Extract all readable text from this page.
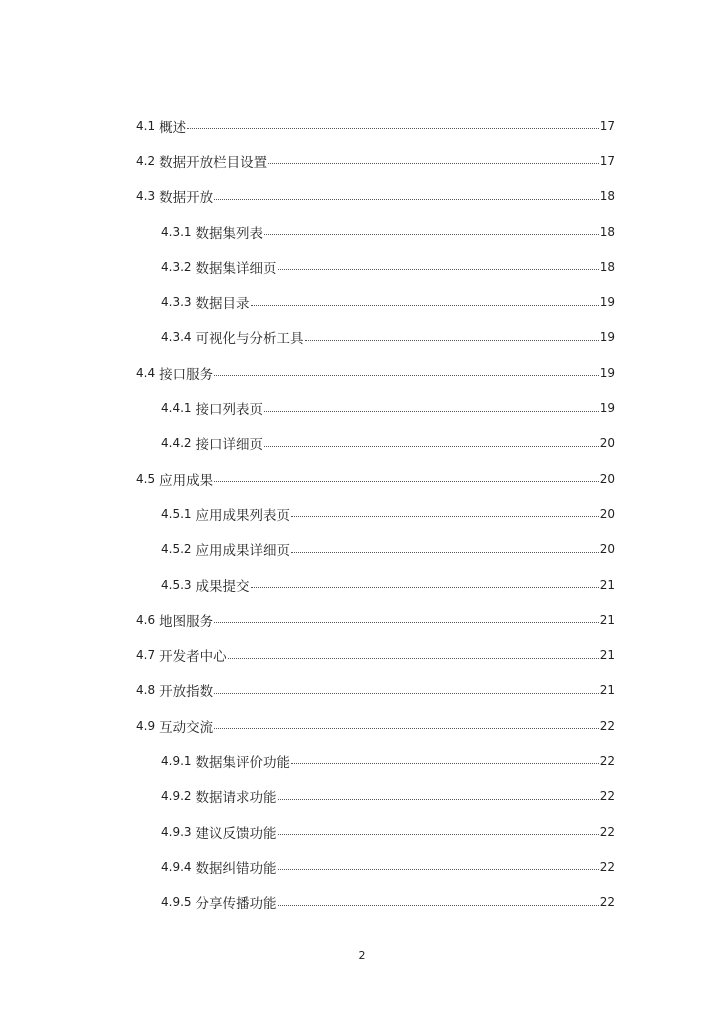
4.1 概述	17
4.2 数据开放栏目设置	17
4.3 数据开放	18
4.3.1 数据集列表	18
4.3.2 数据集详细页	18
4.3.3 数据目录	19
4.3.4 可视化与分析工具	19
4.4 接口服务	19
4.4.1 接口列表页	19
4.4.2 接口详细页	20
4.5 应用成果	20
4.5.1 应用成果列表页	20
4.5.2 应用成果详细页	20
4.5.3 成果提交	21
4.6 地图服务	21
4.7 开发者中心	21
4.8 开放指数	21
4.9 互动交流	22
4.9.1 数据集评价功能	22
4.9.2 数据请求功能	22
4.9.3 建议反馈功能	22
4.9.4 数据纠错功能	22
4.9.5 分享传播功能	22
2
